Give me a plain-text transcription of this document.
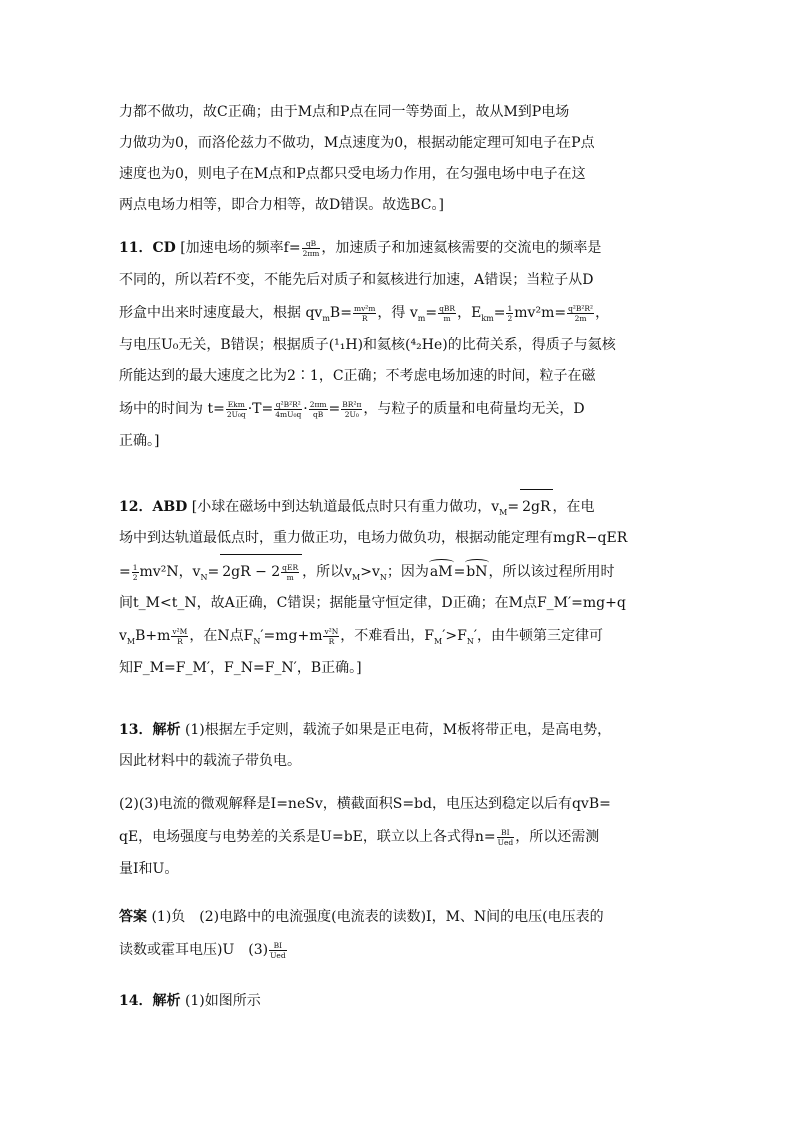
力都不做功，故C正确；由于M点和P点在同一等势面上，故从M到P电场
力做功为0，而洛伦兹力不做功，M点速度为0，根据动能定理可知电子在P点
速度也为0，则电子在M点和P点都只受电场力作用，在匀强电场中电子在这
两点电场力相等，即合力相等，故D错误。故选BC。]
11．CD [加速电场的频率$f= \frac{qB}{2\pi m}$ ，加速质子和加速氦核需要的交流电的频率是
不同的，所以若f不变，不能先后对质子和氦核进行加速，A错误；当粒子从D
形盒中出来时速度最大，根据 $qv_mB= \frac{\text{mv²m}}{R}$ ，得 $v_m= \frac{\text{qBR}}{m}$ ，$E_{km}= \frac{1}{2} mv^2m= \frac{\text{q²B²R²}}{2m}$ ，
与电压U₀无关，B错误；根据质子(¹₁H)和氦核(⁴₂He)的比荷关系，得质子与氦核
所能达到的最大速度之比为2∶1，C正确；不考虑电场加速的时间，粒子在磁
场中的时间为 $t= \frac{\text{Ekm}}{\text{2U₀q}} \cdot T= \frac{\text{q²B²R²}}{\text{4mU₀q}} \cdot \frac{2\pi m}{qB} = \frac{\text{BR²π}}{\text{2U₀}}$ ，与粒子的质量和电荷量均无关，D
正确。]
12．ABD [小球在磁场中到达轨道最低点时只有重力做功，$v_M= 2gR$ ，在电
场中到达轨道最低点时，重力做正功，电场力做负功，根据动能定理有mgR−qER
= $\frac{1}{2} mv^2N$，$v_N= 2gR - 2 \frac{\text{qER}}{m}$ ，所以$v_M>v_N$；因为aM=bN，所以该过程所用时
间t_M<t_N，故A正确，C错误；据能量守恒定律，D正确；在M点F_M′=mg+q
$v_MB+m \frac{\text{v²M}}{R}$ ，在N点$F_N'=mg+m \frac{\text{v²N}}{R}$ ，不难看出，$F_M'>F_N'$，由牛顿第三定律可
知F_M=F_M′，F_N=F_N′，B正确。]
13．解析 (1)根据左手定则，载流子如果是正电荷，M板将带正电，是高电势，
因此材料中的载流子带负电。
(2)(3)电流的微观解释是I=neSv，横截面积S=bd，电压达到稳定以后有qvB=
qE，电场强度与电势差的关系是U=bE，联立以上各式得$n= \frac{BI}{\text{Ued}}$ ，所以还需测
量I和U。
答案 (1)负　(2)电路中的电流强度(电流表的读数)I，M、N间的电压(电压表的
读数或霍耳电压)U　$(3) \frac{BI}{\text{Ued}}$
14．解析 (1)如图所示
